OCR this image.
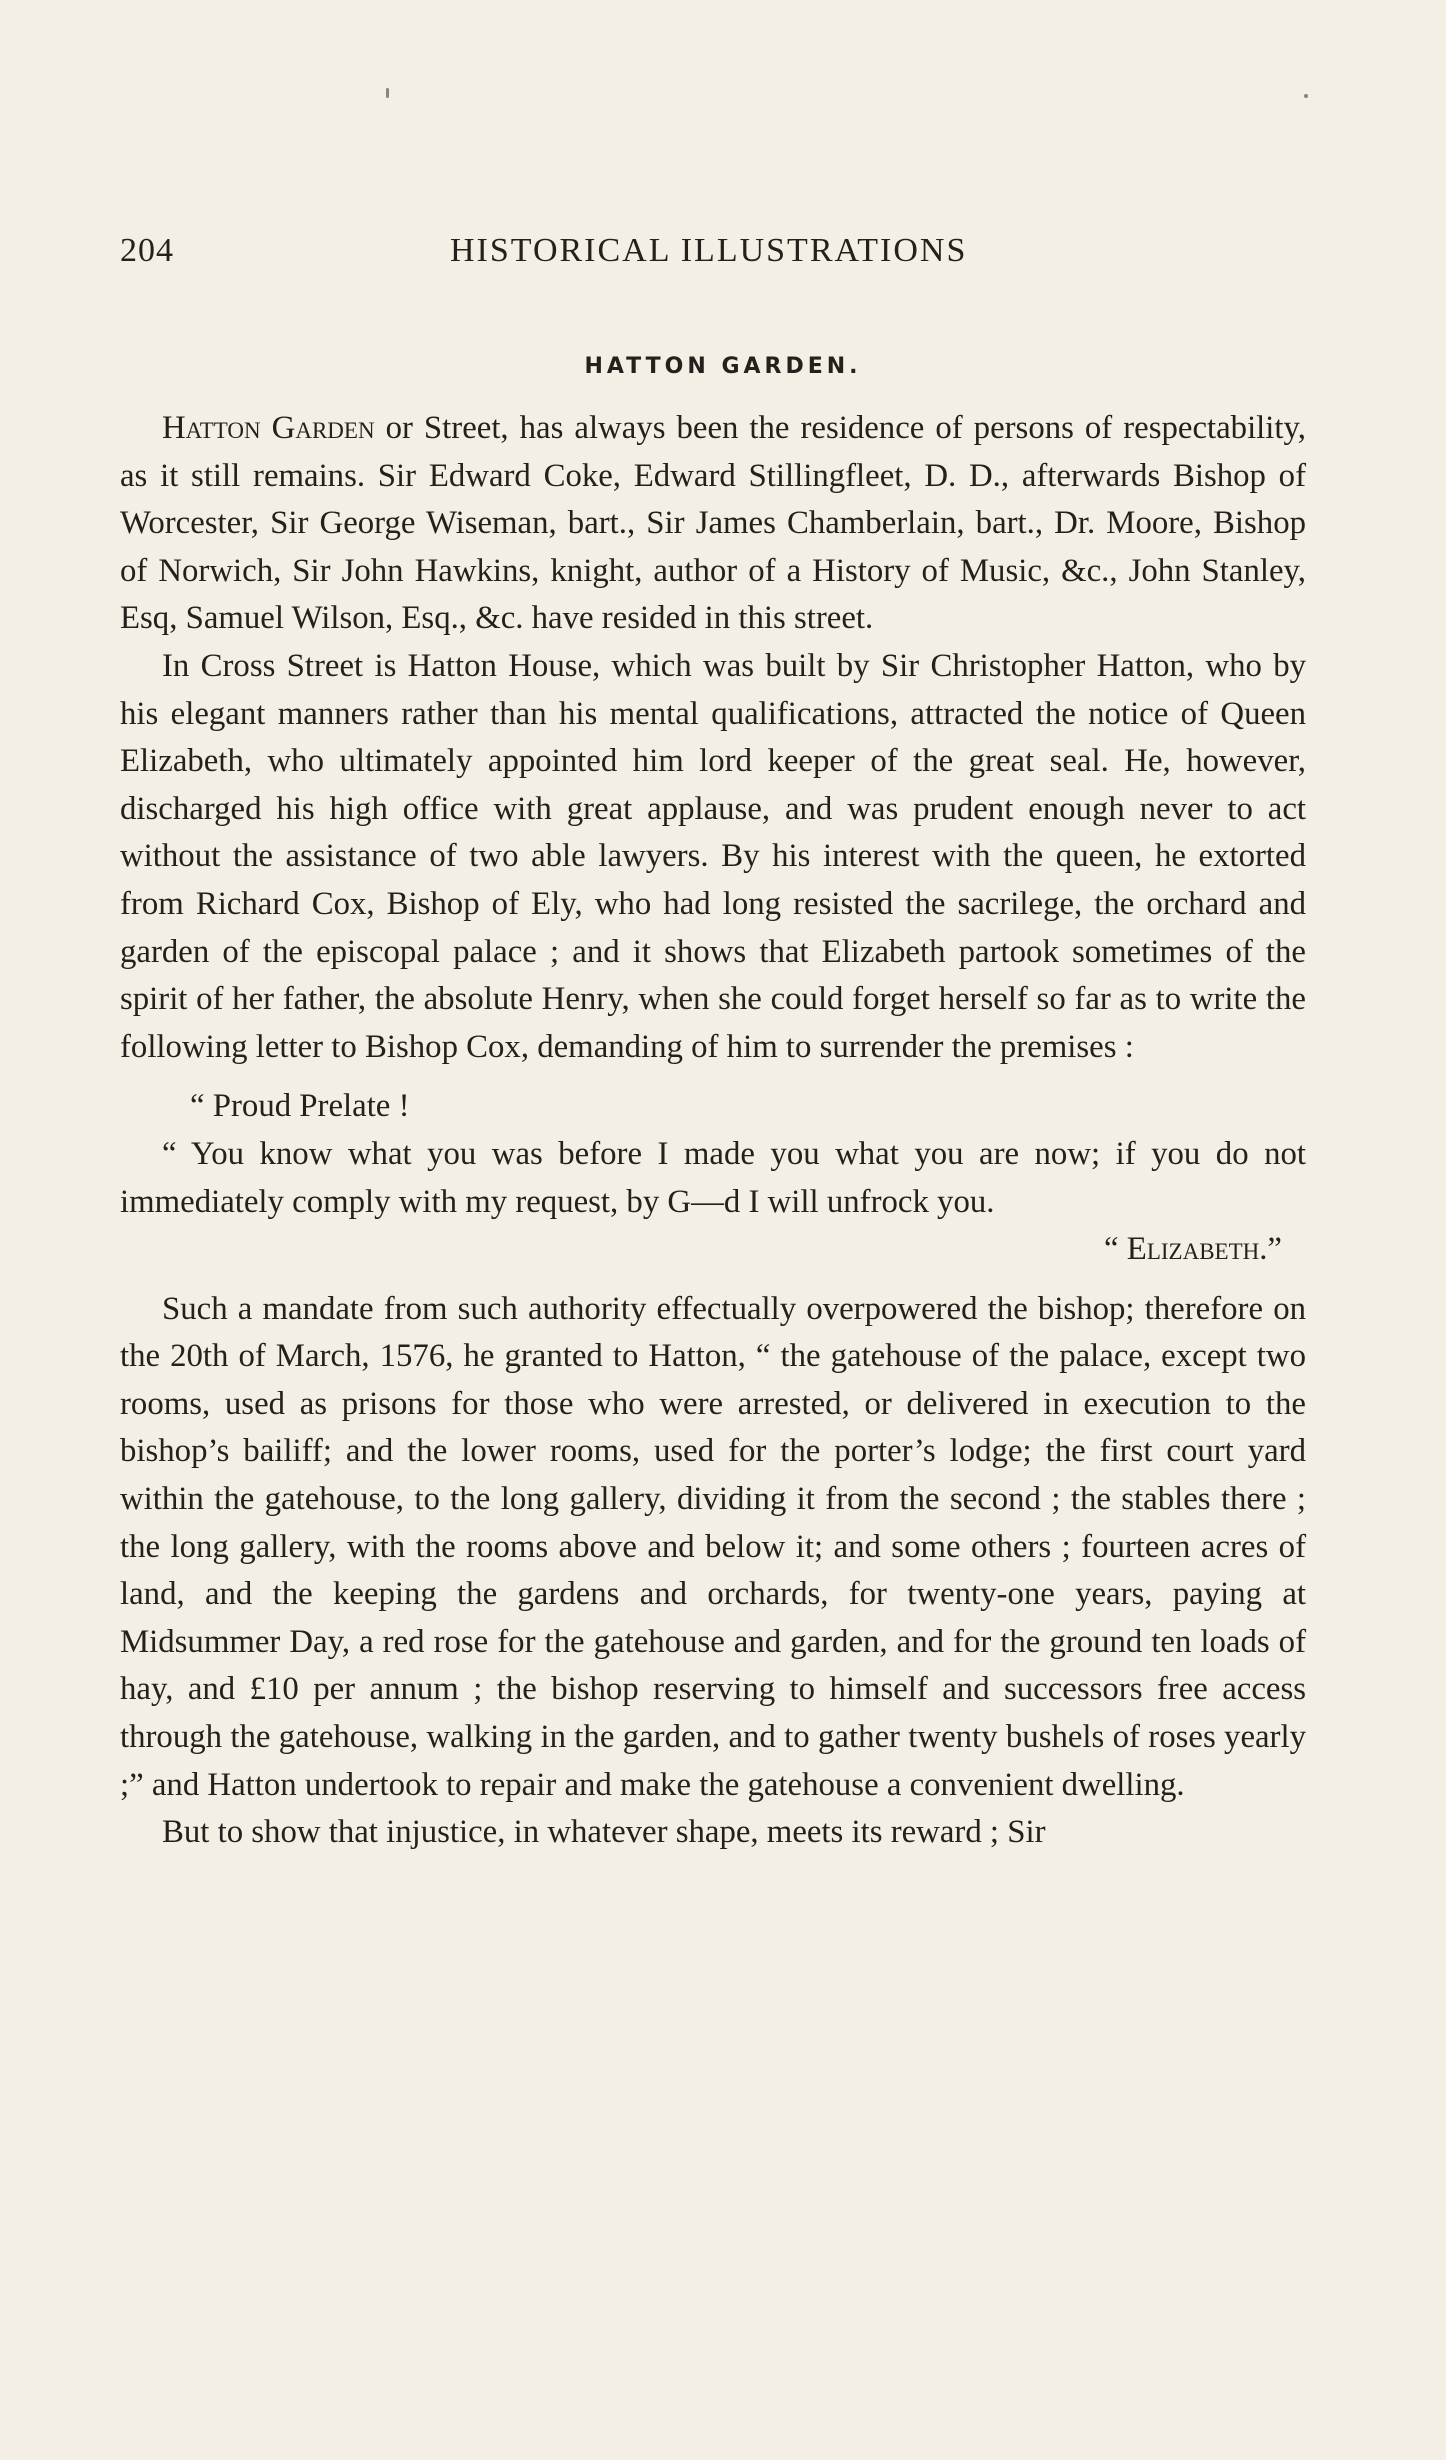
204	HISTORICAL ILLUSTRATIONS
HATTON GARDEN.

Hatton Garden or Street, has always been the residence of persons of respectability, as it still remains. Sir Edward Coke, Edward Stillingfleet, D. D., afterwards Bishop of Worcester, Sir George Wiseman, bart., Sir James Chamberlain, bart., Dr. Moore, Bishop of Norwich, Sir John Hawkins, knight, author of a History of Music, &c., John Stanley, Esq, Samuel Wilson, Esq., &c. have resided in this street.

In Cross Street is Hatton House, which was built by Sir Christopher Hatton, who by his elegant manners rather than his mental qualifications, attracted the notice of Queen Elizabeth, who ultimately appointed him lord keeper of the great seal. He, however, discharged his high office with great applause, and was prudent enough never to act without the assistance of two able lawyers. By his interest with the queen, he extorted from Richard Cox, Bishop of Ely, who had long resisted the sacrilege, the orchard and garden of the episcopal palace ; and it shows that Elizabeth partook sometimes of the spirit of her father, the absolute Henry, when she could forget herself so far as to write the following letter to Bishop Cox, demanding of him to surrender the premises :

“ Proud Prelate !

“ You know what you was before I made you what you are now; if you do not immediately comply with my request, by G—d I will unfrock you.

“ Elizabeth.”

Such a mandate from such authority effectually overpowered the bishop; therefore on the 20th of March, 1576, he granted to Hatton, “ the gatehouse of the palace, except two rooms, used as prisons for those who were arrested, or delivered in execution to the bishop’s bailiff; and the lower rooms, used for the porter’s lodge; the first court yard within the gatehouse, to the long gallery, dividing it from the second ; the stables there ; the long gallery, with the rooms above and below it; and some others ; fourteen acres of land, and the keeping the gardens and orchards, for twenty-one years, paying at Midsummer Day, a red rose for the gatehouse and garden, and for the ground ten loads of hay, and £10 per annum ; the bishop reserving to himself and successors free access through the gatehouse, walking in the garden, and to gather twenty bushels of roses yearly ;” and Hatton undertook to repair and make the gatehouse a convenient dwelling.

But to show that injustice, in whatever shape, meets its reward ; Sir
